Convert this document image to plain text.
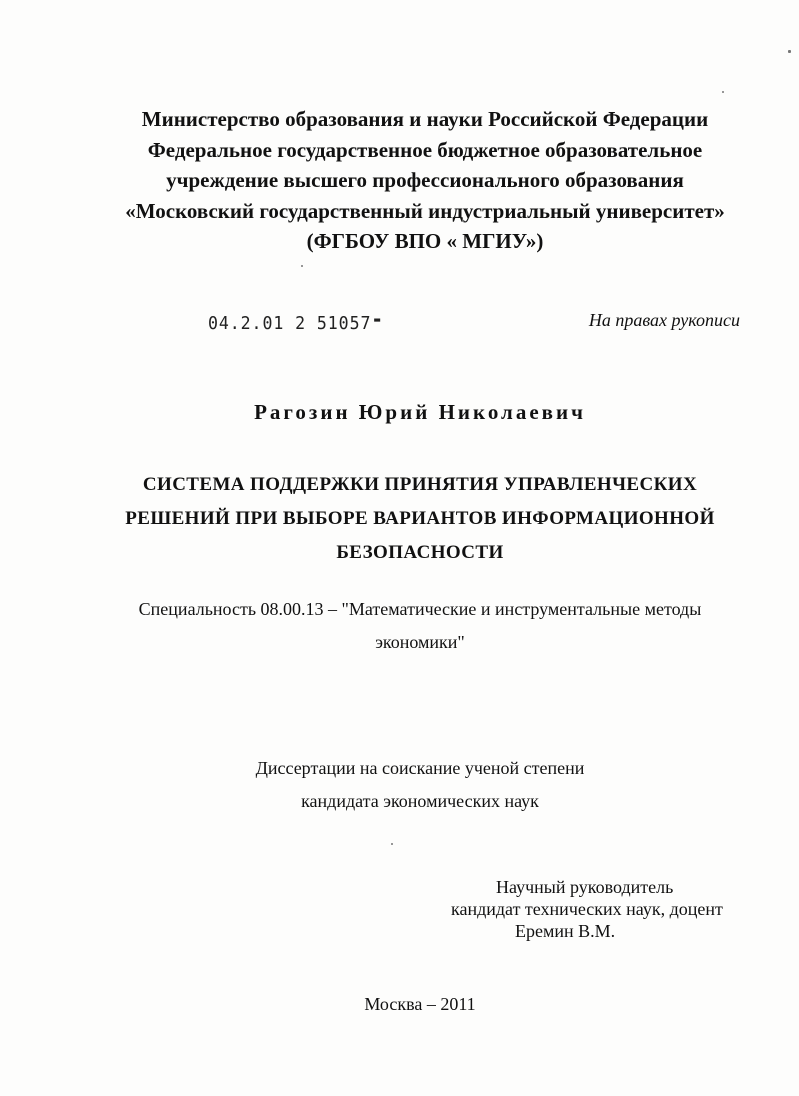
Министерство образования и науки Российской Федерации
Федеральное государственное бюджетное образовательное
учреждение высшего профессионального образования
«Московский государственный индустриальный университет»
(ФГБОУ ВПО « МГИУ»)
04.2.01 2 51057 ▬	На правах рукописи
Рагозин Юрий Николаевич
СИСТЕМА ПОДДЕРЖКИ ПРИНЯТИЯ УПРАВЛЕНЧЕСКИХ
РЕШЕНИЙ ПРИ ВЫБОРЕ ВАРИАНТОВ ИНФОРМАЦИОННОЙ
БЕЗОПАСНОСТИ
Специальность 08.00.13 – "Математические и инструментальные методы
экономики"
Диссертации на соискание ученой степени
кандидата экономических наук
Научный руководитель
кандидат технических наук, доцент
Еремин В.М.
Москва – 2011
